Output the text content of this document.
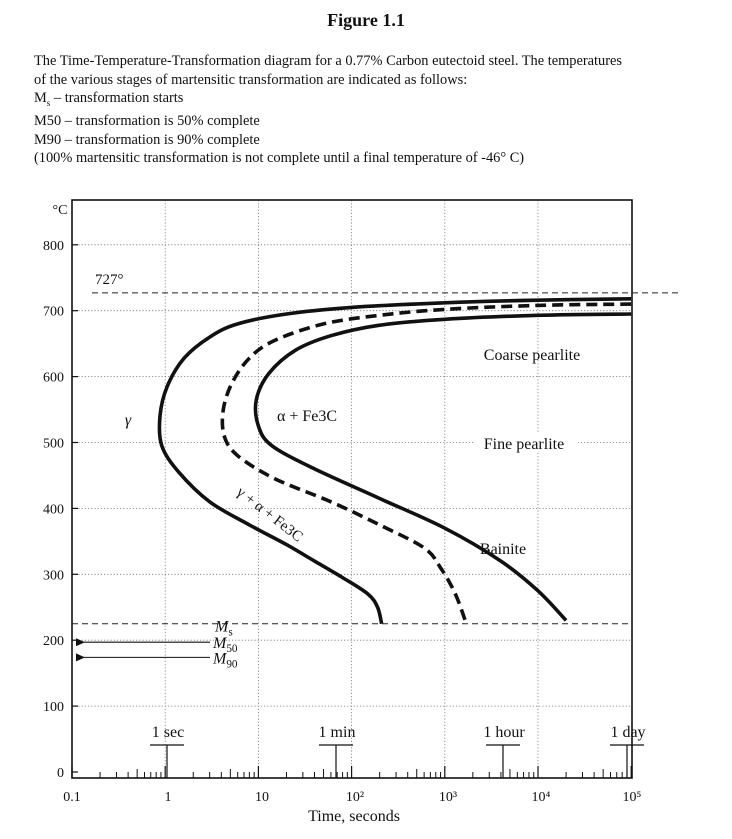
Figure 1.1

The Time-Temperature-Transformation diagram for a 0.77% Carbon eutectoid steel. The temperatures

of the various stages of martensitic transformation are indicated as follows:

$M_s$ – transformation starts

M50 – transformation is 50% complete

M90 – transformation is 90% complete

(100% martensitic transformation is not complete until a final temperature of -46° C)

0
100
200
300
400
500
600
700
800
0.1	1	10	10²	10³	10⁴	10⁵
727°
$M_s$
$M_{50}$
$M_{90}$
1 sec	1 min	1 hour	1 day
γ	α + Fe3C
γ + α + Fe3C
Coarse pearlite
Fine pearlite
Bainite
°C
Time, seconds
